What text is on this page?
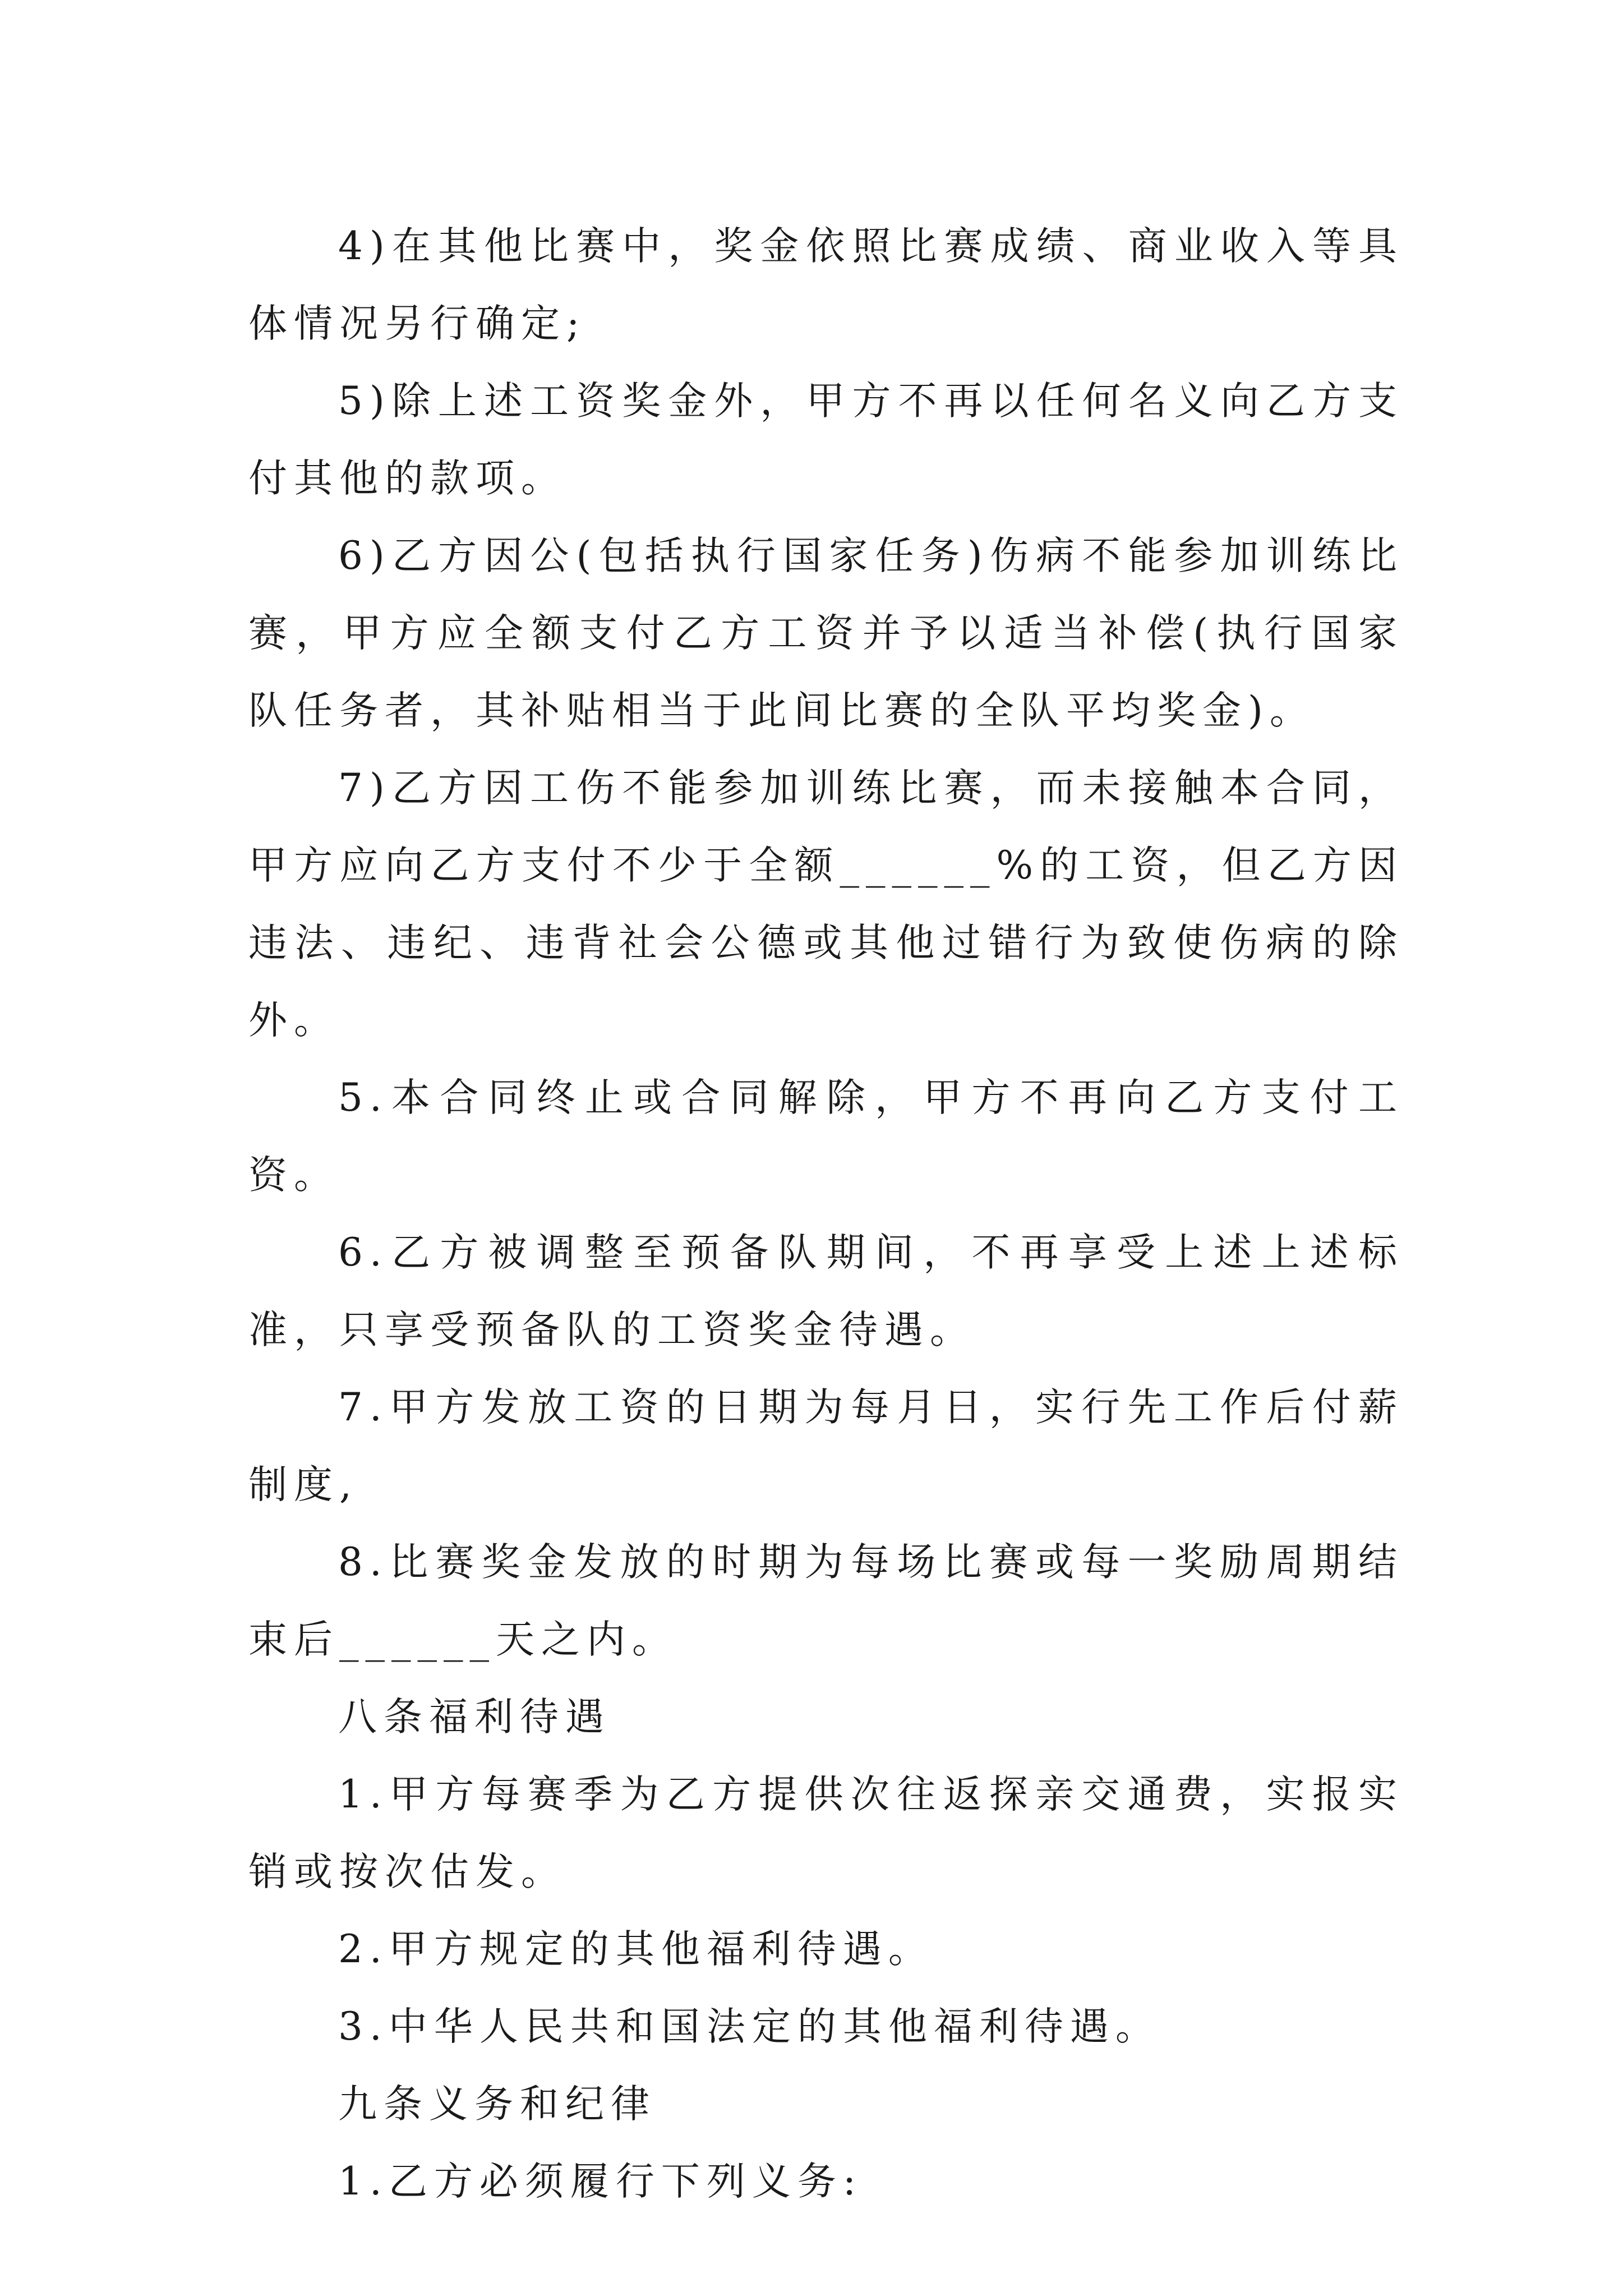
4)在其他比赛中，奖金依照比赛成绩、商业收入等具体情况另行确定;

5)除上述工资奖金外，甲方不再以任何名义向乙方支付其他的款项。

6)乙方因公(包括执行国家任务)伤病不能参加训练比赛，甲方应全额支付乙方工资并予以适当补偿(执行国家队任务者，其补贴相当于此间比赛的全队平均奖金)。

7)乙方因工伤不能参加训练比赛，而未接触本合同，甲方应向乙方支付不少于全额______%的工资，但乙方因违法、违纪、违背社会公德或其他过错行为致使伤病的除外。

5.本合同终止或合同解除，甲方不再向乙方支付工资。

6.乙方被调整至预备队期间，不再享受上述上述标准，只享受预备队的工资奖金待遇。

7.甲方发放工资的日期为每月日，实行先工作后付薪制度,

8.比赛奖金发放的时期为每场比赛或每一奖励周期结束后______天之内。

八条福利待遇

1.甲方每赛季为乙方提供次往返探亲交通费，实报实销或按次估发。

2.甲方规定的其他福利待遇。

3.中华人民共和国法定的其他福利待遇。

九条义务和纪律

1.乙方必须履行下列义务:
